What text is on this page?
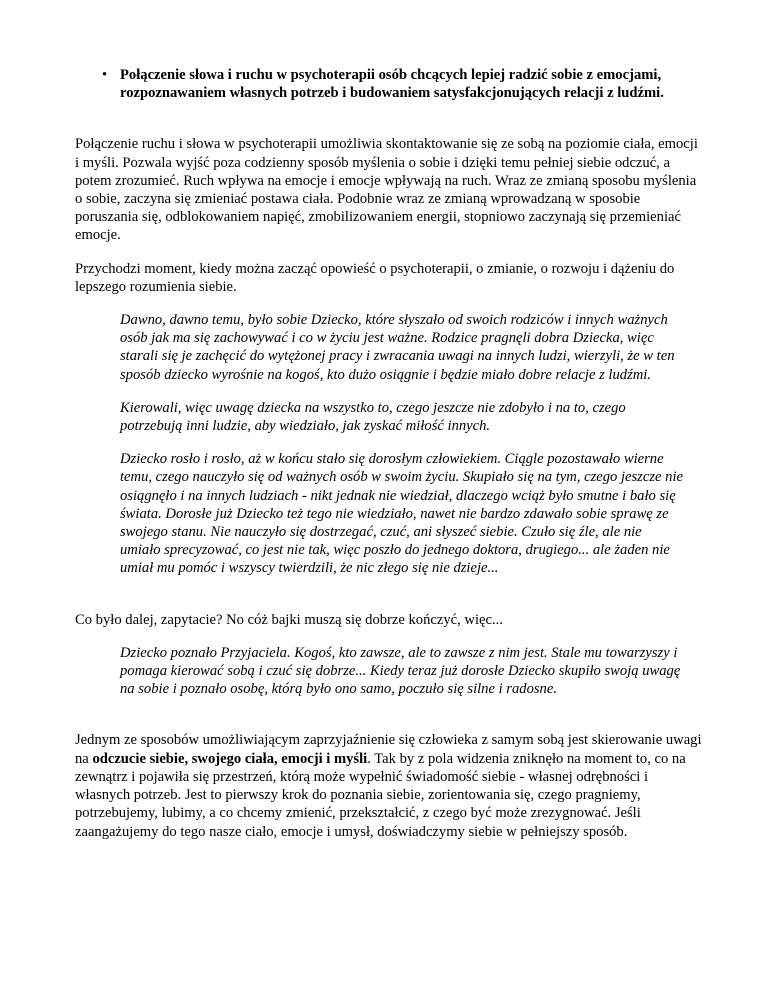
• Połączenie słowa i ruchu w psychoterapii osób chcących lepiej radzić sobie z emocjami, rozpoznawaniem własnych potrzeb i budowaniem satysfakcjonujących relacji z ludźmi.

Połączenie ruchu i słowa w psychoterapii umożliwia skontaktowanie się ze sobą na poziomie ciała, emocji i myśli. Pozwala wyjść poza codzienny sposób myślenia o sobie i dzięki temu pełniej siebie odczuć, a potem zrozumieć. Ruch wpływa na emocje i emocje wpływają na ruch. Wraz ze zmianą sposobu myślenia o sobie, zaczyna się zmieniać postawa ciała. Podobnie wraz ze zmianą wprowadzaną w sposobie poruszania się, odblokowaniem napięć, zmobilizowaniem energii, stopniowo zaczynają się przemieniać emocje.

Przychodzi moment, kiedy można zacząć opowieść o psychoterapii, o zmianie, o rozwoju i dążeniu do lepszego rozumienia siebie.

Dawno, dawno temu, było sobie Dziecko, które słyszało od swoich rodziców i innych ważnych osób jak ma się zachowywać i co w życiu jest ważne. Rodzice pragnęli dobra Dziecka, więc starali się je zachęcić do wytężonej pracy i zwracania uwagi na innych ludzi, wierzyli, że w ten sposób dziecko wyrośnie na kogoś, kto dużo osiągnie i będzie miało dobre relacje z ludźmi.

Kierowali, więc uwagę dziecka na wszystko to, czego jeszcze nie zdobyło i na to, czego potrzebują inni ludzie, aby wiedziało, jak zyskać miłość innych.

Dziecko rosło i rosło, aż w końcu stało się dorosłym człowiekiem. Ciągle pozostawało wierne temu, czego nauczyło się od ważnych osób w swoim życiu. Skupiało się na tym, czego jeszcze nie osiągnęło i na innych ludziach - nikt jednak nie wiedział, dlaczego wciąż było smutne i bało się świata. Dorosłe już Dziecko też tego nie wiedziało, nawet nie bardzo zdawało sobie sprawę ze swojego stanu. Nie nauczyło się dostrzegać, czuć, ani słyszeć siebie. Czuło się źle, ale nie umiało sprecyzować, co jest nie tak, więc poszło do jednego doktora, drugiego... ale żaden nie umiał mu pomóc i wszyscy twierdzili, że nic złego się nie dzieje...

Co było dalej, zapytacie? No cóż bajki muszą się dobrze kończyć, więc...

Dziecko poznało Przyjaciela. Kogoś, kto zawsze, ale to zawsze z nim jest. Stale mu towarzyszy i pomaga kierować sobą i czuć się dobrze... Kiedy teraz już dorosłe Dziecko skupiło swoją uwagę na sobie i poznało osobę, którą było ono samo, poczuło się silne i radosne.

Jednym ze sposobów umożliwiającym zaprzyjaźnienie się człowieka z samym sobą jest skierowanie uwagi na odczucie siebie, swojego ciała, emocji i myśli. Tak by z pola widzenia zniknęło na moment to, co na zewnątrz i pojawiła się przestrzeń, którą może wypełnić świadomość siebie - własnej odrębności i własnych potrzeb. Jest to pierwszy krok do poznania siebie, zorientowania się, czego pragniemy, potrzebujemy, lubimy, a co chcemy zmienić, przekształcić, z czego być może zrezygnować. Jeśli zaangażujemy do tego nasze ciało, emocje i umysł, doświadczymy siebie w pełniejszy sposób.
